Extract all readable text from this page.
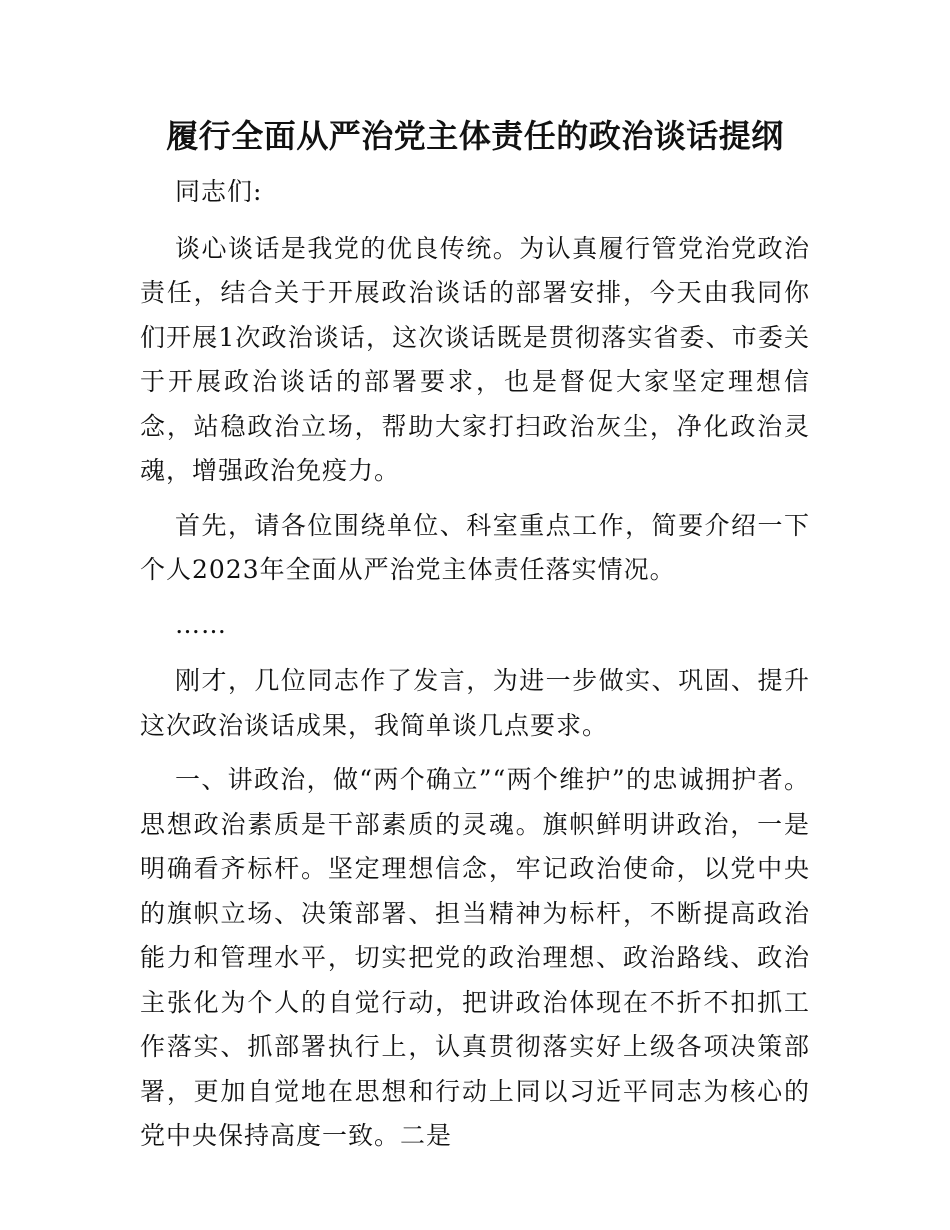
履行全面从严治党主体责任的政治谈话提纲

同志们:

谈心谈话是我党的优良传统。为认真履行管党治党政治责任，结合关于开展政治谈话的部署安排，今天由我同你们开展1次政治谈话，这次谈话既是贯彻落实省委、市委关于开展政治谈话的部署要求，也是督促大家坚定理想信念，站稳政治立场，帮助大家打扫政治灰尘，净化政治灵魂，增强政治免疫力。

首先，请各位围绕单位、科室重点工作，简要介绍一下个人2023年全面从严治党主体责任落实情况。

……

刚才，几位同志作了发言，为进一步做实、巩固、提升这次政治谈话成果，我简单谈几点要求。

一、讲政治，做“两个确立”“两个维护”的忠诚拥护者。思想政治素质是干部素质的灵魂。旗帜鲜明讲政治，一是明确看齐标杆。坚定理想信念，牢记政治使命，以党中央的旗帜立场、决策部署、担当精神为标杆，不断提高政治能力和管理水平，切实把党的政治理想、政治路线、政治主张化为个人的自觉行动，把讲政治体现在不折不扣抓工作落实、抓部署执行上，认真贯彻落实好上级各项决策部署，更加自觉地在思想和行动上同以习近平同志为核心的党中央保持高度一致。二是
